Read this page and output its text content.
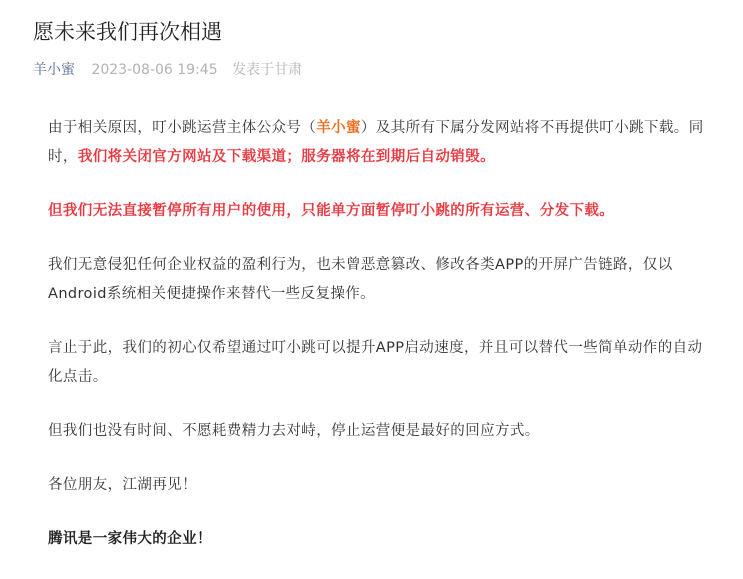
愿未来我们再次相遇
羊小蜜 2023-08-06 19:45 发表于甘肃

由于相关原因，叮小跳运营主体公众号（羊小蜜）及其所有下属分发网站将不再提供叮小跳下载。同时，我们将关闭官方网站及下载渠道；服务器将在到期后自动销毁。

但我们无法直接暂停所有用户的使用，只能单方面暂停叮小跳的所有运营、分发下载。

我们无意侵犯任何企业权益的盈利行为，也未曾恶意篡改、修改各类APP的开屏广告链路，仅以Android系统相关便捷操作来替代一些反复操作。

言止于此，我们的初心仅希望通过叮小跳可以提升APP启动速度，并且可以替代一些简单动作的自动化点击。

但我们也没有时间、不愿耗费精力去对峙，停止运营便是最好的回应方式。

各位朋友，江湖再见！

腾讯是一家伟大的企业！
